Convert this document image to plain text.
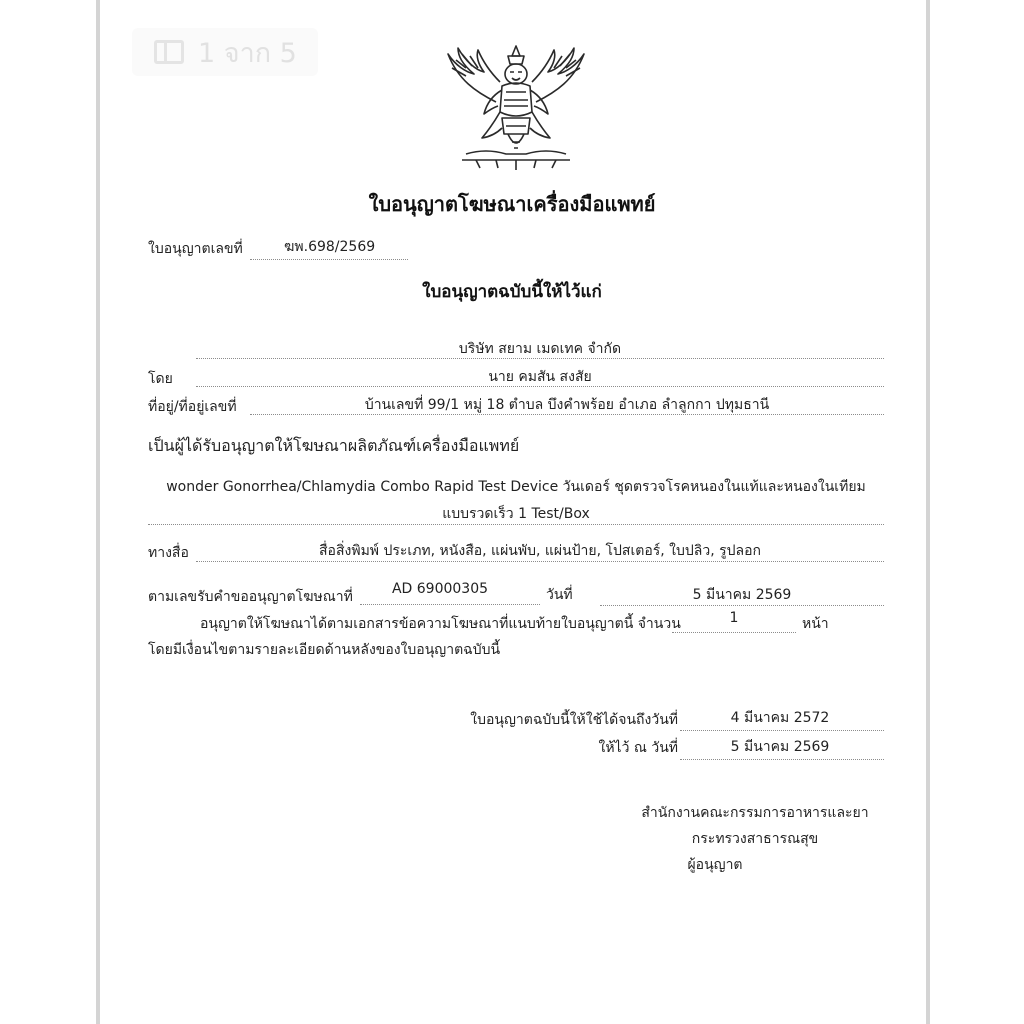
1 จาก 5
ใบอนุญาตโฆษณาเครื่องมือแพทย์
ใบอนุญาตเลขที่	ฆพ.698/2569
ใบอนุญาตฉบับนี้ให้ไว้แก่
บริษัท สยาม เมดเทค จำกัด
โดย	นาย คมสัน สงสัย
ที่อยู่/ที่อยู่เลขที่	บ้านเลขที่ 99/1 หมู่ 18 ตำบล บึงคำพร้อย อำเภอ ลำลูกกา ปทุมธานี
เป็นผู้ได้รับอนุญาตให้โฆษณาผลิตภัณฑ์เครื่องมือแพทย์
wonder Gonorrhea/Chlamydia Combo Rapid Test Device วันเดอร์ ชุดตรวจโรคหนองในแท้และหนองในเทียม
แบบรวดเร็ว 1 Test/Box
ทางสื่อ	สื่อสิ่งพิมพ์ ประเภท, หนังสือ, แผ่นพับ, แผ่นป้าย, โปสเตอร์, ใบปลิว, รูปลอก
ตามเลขรับคำขออนุญาตโฆษณาที่	AD 69000305	วันที่	5 มีนาคม 2569
อนุญาตให้โฆษณาได้ตามเอกสารข้อความโฆษณาที่แนบท้ายใบอนุญาตนี้ จำนวน	1	หน้า
โดยมีเงื่อนไขตามรายละเอียดด้านหลังของใบอนุญาตฉบับนี้
ใบอนุญาตฉบับนี้ให้ใช้ได้จนถึงวันที่	4 มีนาคม 2572
ให้ไว้ ณ วันที่	5 มีนาคม 2569
สำนักงานคณะกรรมการอาหารและยา
กระทรวงสาธารณสุข
ผู้อนุญาต
